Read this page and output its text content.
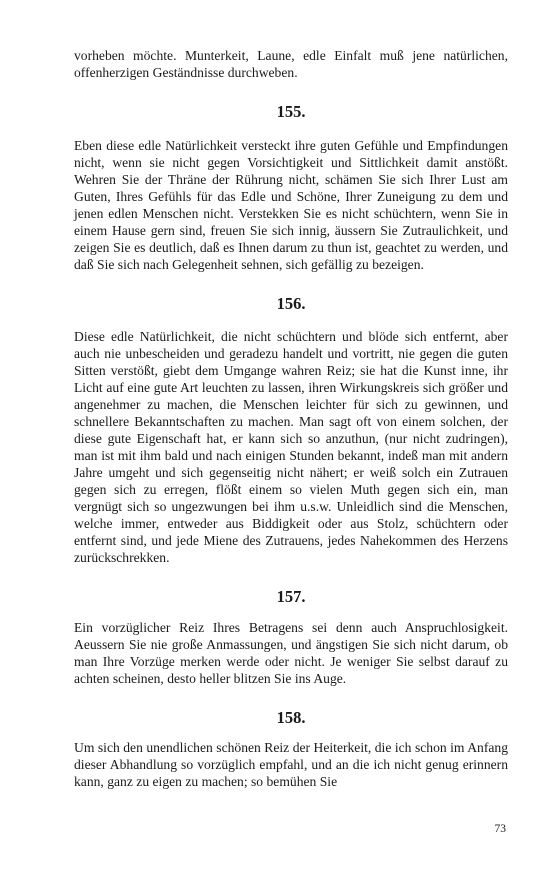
vorheben möchte. Munterkeit, Laune, edle Einfalt muß jene natürlichen, offenherzigen Geständnisse durchweben.

155.

Eben diese edle Natürlichkeit versteckt ihre guten Gefühle und Empfindungen nicht, wenn sie nicht gegen Vorsichtigkeit und Sittlichkeit damit anstößt. Wehren Sie der Thräne der Rührung nicht, schämen Sie sich Ihrer Lust am Guten, Ihres Gefühls für das Edle und Schöne, Ihrer Zuneigung zu dem und jenen edlen Menschen nicht. Verstekken Sie es nicht schüchtern, wenn Sie in einem Hause gern sind, freuen Sie sich innig, äussern Sie Zutraulichkeit, und zeigen Sie es deutlich, daß es Ihnen darum zu thun ist, geachtet zu werden, und daß Sie sich nach Gelegenheit sehnen, sich gefällig zu bezeigen.

156.

Diese edle Natürlichkeit, die nicht schüchtern und blöde sich entfernt, aber auch nie unbescheiden und geradezu handelt und vortritt, nie gegen die guten Sitten verstößt, giebt dem Umgange wahren Reiz; sie hat die Kunst inne, ihr Licht auf eine gute Art leuchten zu lassen, ihren Wirkungskreis sich größer und angenehmer zu machen, die Menschen leichter für sich zu gewinnen, und schnellere Bekanntschaften zu machen. Man sagt oft von einem solchen, der diese gute Eigenschaft hat, er kann sich so anzuthun, (nur nicht zudringen), man ist mit ihm bald und nach einigen Stunden bekannt, indeß man mit andern Jahre umgeht und sich gegenseitig nicht nähert; er weiß solch ein Zutrauen gegen sich zu erregen, flößt einem so vielen Muth gegen sich ein, man vergnügt sich so ungezwungen bei ihm u.s.w. Unleidlich sind die Menschen, welche immer, entweder aus Biddigkeit oder aus Stolz, schüchtern oder entfernt sind, und jede Miene des Zutrauens, jedes Nahekommen des Herzens zurückschrekken.

157.

Ein vorzüglicher Reiz Ihres Betragens sei denn auch Anspruchlosigkeit. Aeussern Sie nie große Anmassungen, und ängstigen Sie sich nicht darum, ob man Ihre Vorzüge merken werde oder nicht. Je weniger Sie selbst darauf zu achten scheinen, desto heller blitzen Sie ins Auge.

158.

Um sich den unendlichen schönen Reiz der Heiterkeit, die ich schon im Anfang dieser Abhandlung so vorzüglich empfahl, und an die ich nicht genug erinnern kann, ganz zu eigen zu machen; so bemühen Sie

73
